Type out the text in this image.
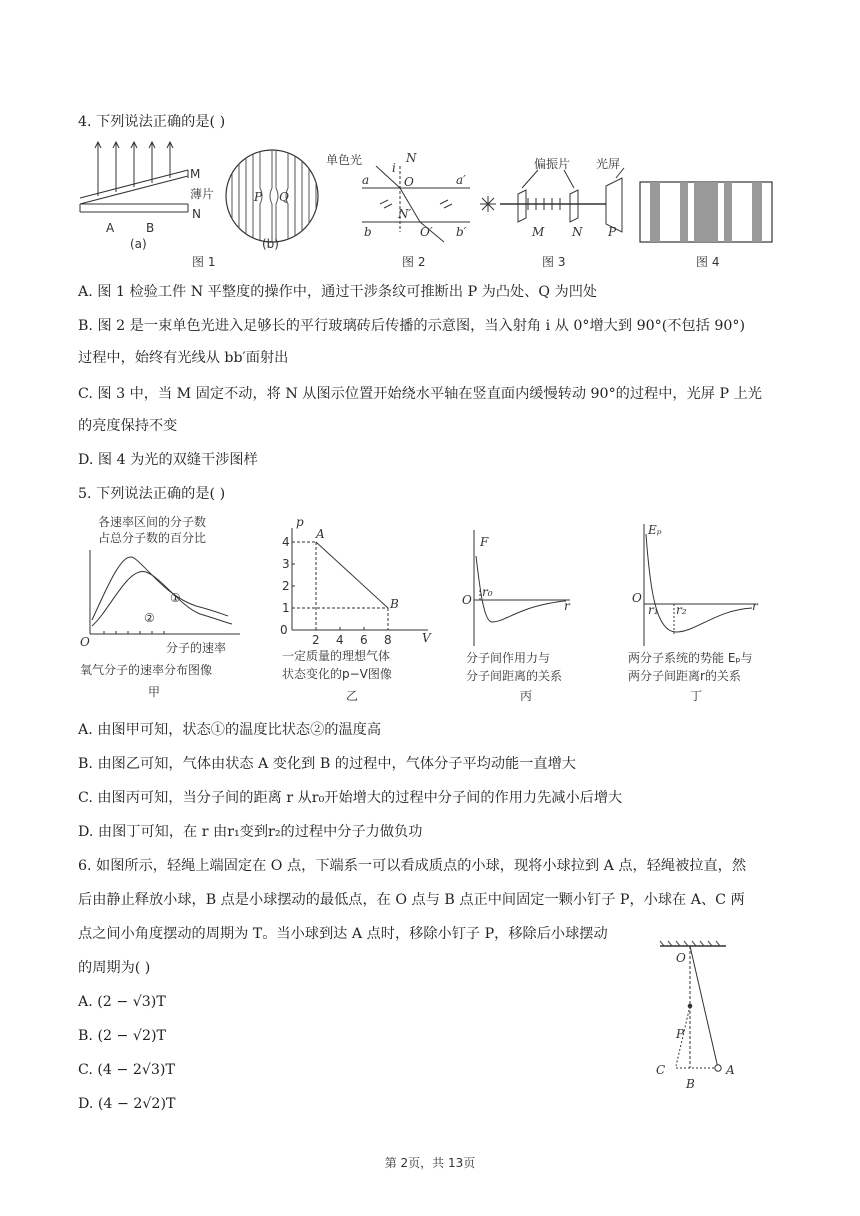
4. 下列说法正确的是( )
M
薄片
N
A	B
(a)
P Q
(b)
图 1
单色光
i
N
O
a	a′
N′
b	O′ b′
图 2
偏振片 光屏
M N P
图 3	图 4
A. 图 1 检验工件 N 平整度的操作中，通过干涉条纹可推断出 P 为凸处、Q 为凹处
B. 图 2 是一束单色光进入足够长的平行玻璃砖后传播的示意图，当入射角 i 从 0°增大到 90°(不包括 90°)
过程中，始终有光线从 bb′面射出
C. 图 3 中，当 M 固定不动，将 N 从图示位置开始绕水平轴在竖直面内缓慢转动 90°的过程中，光屏 P 上光
的亮度保持不变
D. 图 4 为光的双缝干涉图样
5. 下列说法正确的是( )
各速率区间的分子数
占总分子数的百分比
①
②
O	分子的速率
氧气分子的速率分布图像
甲
p
A
B
V
0
4
3
2
1
2 4 6 8
一定质量的理想气体
状态变化的p−V图像
乙
F
O
r₀
r
分子间作用力与
分子间距离的关系
丙
Eₚ
O
r₁ r₂	r
两分子系统的势能 Eₚ与
两分子间距离r的关系
丁
A. 由图甲可知，状态①的温度比状态②的温度高
B. 由图乙可知，气体由状态 A 变化到 B 的过程中，气体分子平均动能一直增大
C. 由图丙可知，当分子间的距离 r 从r₀开始增大的过程中分子间的作用力先减小后增大
D. 由图丁可知，在 r 由r₁变到r₂的过程中分子力做负功
6. 如图所示，轻绳上端固定在 O 点，下端系一可以看成质点的小球，现将小球拉到 A 点，轻绳被拉直，然
后由静止释放小球，B 点是小球摆动的最低点，在 O 点与 B 点正中间固定一颗小钉子 P，小球在 A、C 两
点之间小角度摆动的周期为 T。当小球到达 A 点时，移除小钉子 P，移除后小球摆动
的周期为( )
A. (2 − √3)T
B. (2 − √2)T
C. (4 − 2√3)T
D. (4 − 2√2)T
O
P
C
B
A
第 2页，共 13页
